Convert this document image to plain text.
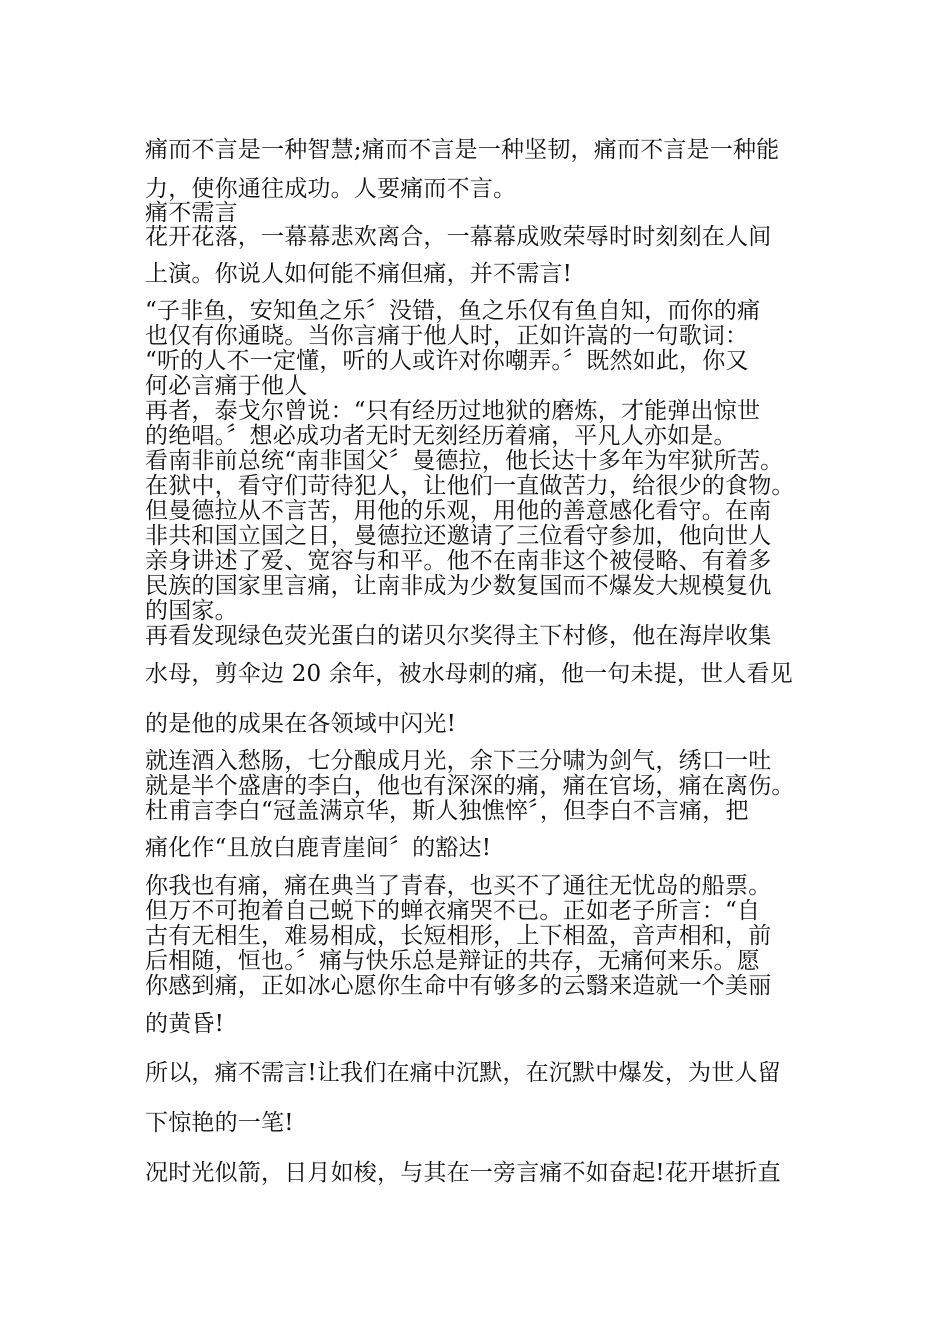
痛而不言是一种智慧;痛而不言是一种坚韧，痛而不言是一种能
力，使你通往成功。人要痛而不言。
痛不需言
花开花落，一幕幕悲欢离合，一幕幕成败荣辱时时刻刻在人间
上演。你说人如何能不痛但痛，并不需言!
“子非鱼，安知鱼之乐〞没错，鱼之乐仅有鱼自知，而你的痛
也仅有你通晓。当你言痛于他人时，正如许嵩的一句歌词：
“听的人不一定懂，听的人或许对你嘲弄。〞既然如此，你又
何必言痛于他人
再者，泰戈尔曾说：“只有经历过地狱的磨炼，才能弹出惊世
的绝唱。〞想必成功者无时无刻经历着痛，平凡人亦如是。
看南非前总统“南非国父〞曼德拉，他长达十多年为牢狱所苦。
在狱中，看守们苛待犯人，让他们一直做苦力，给很少的食物。
但曼德拉从不言苦，用他的乐观，用他的善意感化看守。在南
非共和国立国之日，曼德拉还邀请了三位看守参加，他向世人
亲身讲述了爱、宽容与和平。他不在南非这个被侵略、有着多
民族的国家里言痛，让南非成为少数复国而不爆发大规模复仇
的国家。
再看发现绿色荧光蛋白的诺贝尔奖得主下村修，他在海岸收集
水母，剪伞边 20 余年，被水母刺的痛，他一句未提，世人看见
的是他的成果在各领域中闪光!
就连酒入愁肠，七分酿成月光，余下三分啸为剑气，绣口一吐
就是半个盛唐的李白，他也有深深的痛，痛在官场，痛在离伤。
杜甫言李白“冠盖满京华，斯人独憔悴〞，但李白不言痛，把
痛化作“且放白鹿青崖间〞的豁达!
你我也有痛，痛在典当了青春，也买不了通往无忧岛的船票。
但万不可抱着自己蜕下的蝉衣痛哭不已。正如老子所言：“自
古有无相生，难易相成，长短相形，上下相盈，音声相和，前
后相随，恒也。〞痛与快乐总是辩证的共存，无痛何来乐。愿
你感到痛，正如冰心愿你生命中有够多的云翳来造就一个美丽
的黄昏!
所以，痛不需言!让我们在痛中沉默，在沉默中爆发，为世人留
下惊艳的一笔!
况时光似箭，日月如梭，与其在一旁言痛不如奋起!花开堪折直
